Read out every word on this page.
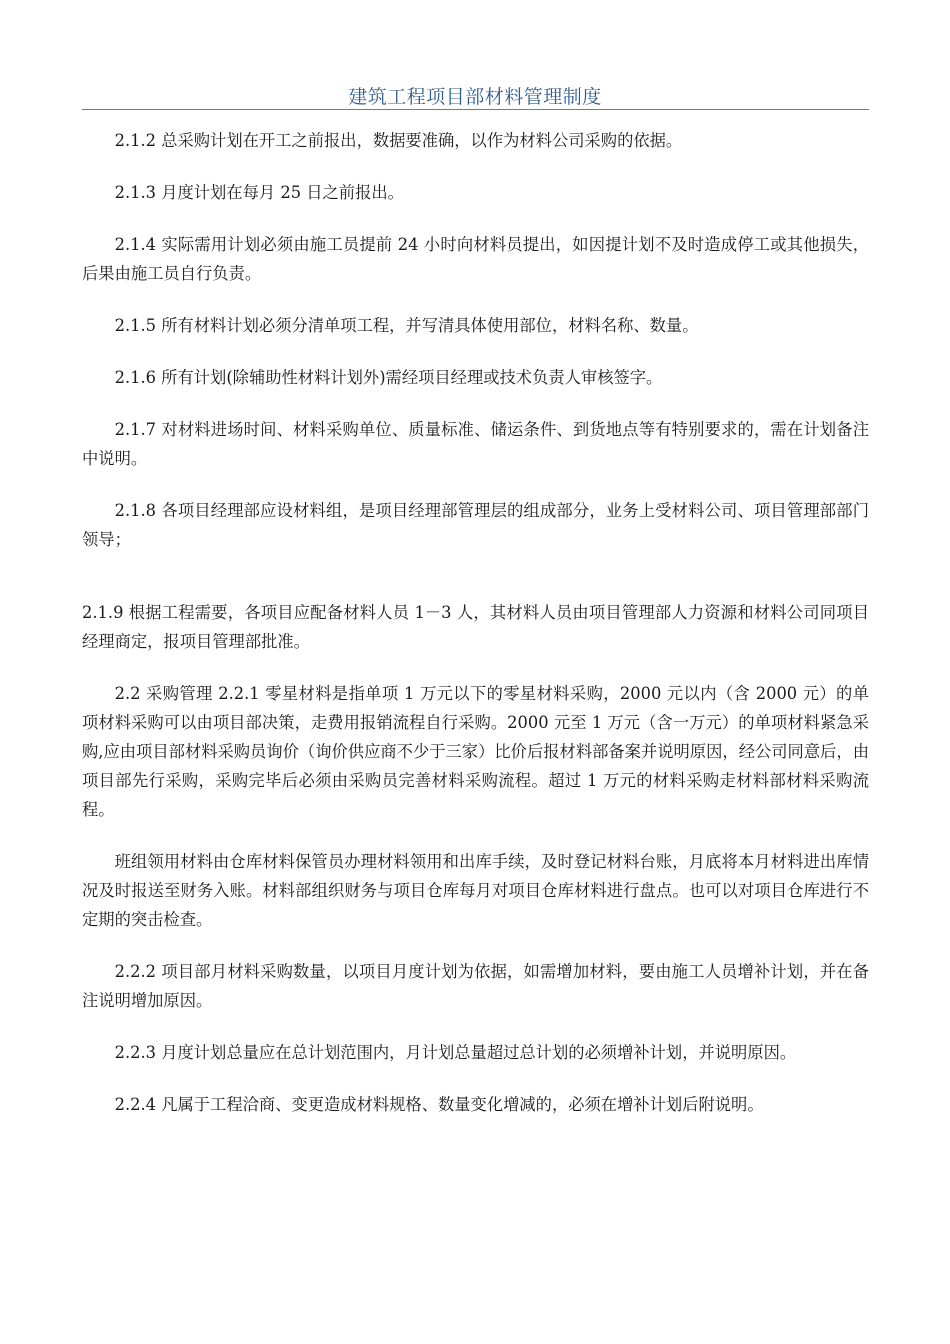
建筑工程项目部材料管理制度

2.1.2 总采购计划在开工之前报出，数据要准确，以作为材料公司采购的依据。

2.1.3 月度计划在每月 25 日之前报出。

2.1.4 实际需用计划必须由施工员提前 24 小时向材料员提出，如因提计划不及时造成停工或其他损失，后果由施工员自行负责。

2.1.5 所有材料计划必须分清单项工程，并写清具体使用部位，材料名称、数量。

2.1.6 所有计划(除辅助性材料计划外)需经项目经理或技术负责人审核签字。

2.1.7 对材料进场时间、材料采购单位、质量标准、储运条件、到货地点等有特别要求的，需在计划备注中说明。

2.1.8 各项目经理部应设材料组，是项目经理部管理层的组成部分，业务上受材料公司、项目管理部部门领导；

2.1.9 根据工程需要，各项目应配备材料人员 1－3 人，其材料人员由项目管理部人力资源和材料公司同项目经理商定，报项目管理部批准。

2.2 采购管理 2.2.1 零星材料是指单项 1 万元以下的零星材料采购，2000 元以内（含 2000 元）的单项材料采购可以由项目部决策，走费用报销流程自行采购。2000 元至 1 万元（含一万元）的单项材料紧急采购,应由项目部材料采购员询价（询价供应商不少于三家）比价后报材料部备案并说明原因，经公司同意后，由项目部先行采购，采购完毕后必须由采购员完善材料采购流程。超过 1 万元的材料采购走材料部材料采购流程。

班组领用材料由仓库材料保管员办理材料领用和出库手续，及时登记材料台账，月底将本月材料进出库情况及时报送至财务入账。材料部组织财务与项目仓库每月对项目仓库材料进行盘点。也可以对项目仓库进行不定期的突击检查。

2.2.2 项目部月材料采购数量，以项目月度计划为依据，如需增加材料，要由施工人员增补计划，并在备注说明增加原因。

2.2.3 月度计划总量应在总计划范围内，月计划总量超过总计划的必须增补计划，并说明原因。

2.2.4 凡属于工程洽商、变更造成材料规格、数量变化增减的，必须在增补计划后附说明。
